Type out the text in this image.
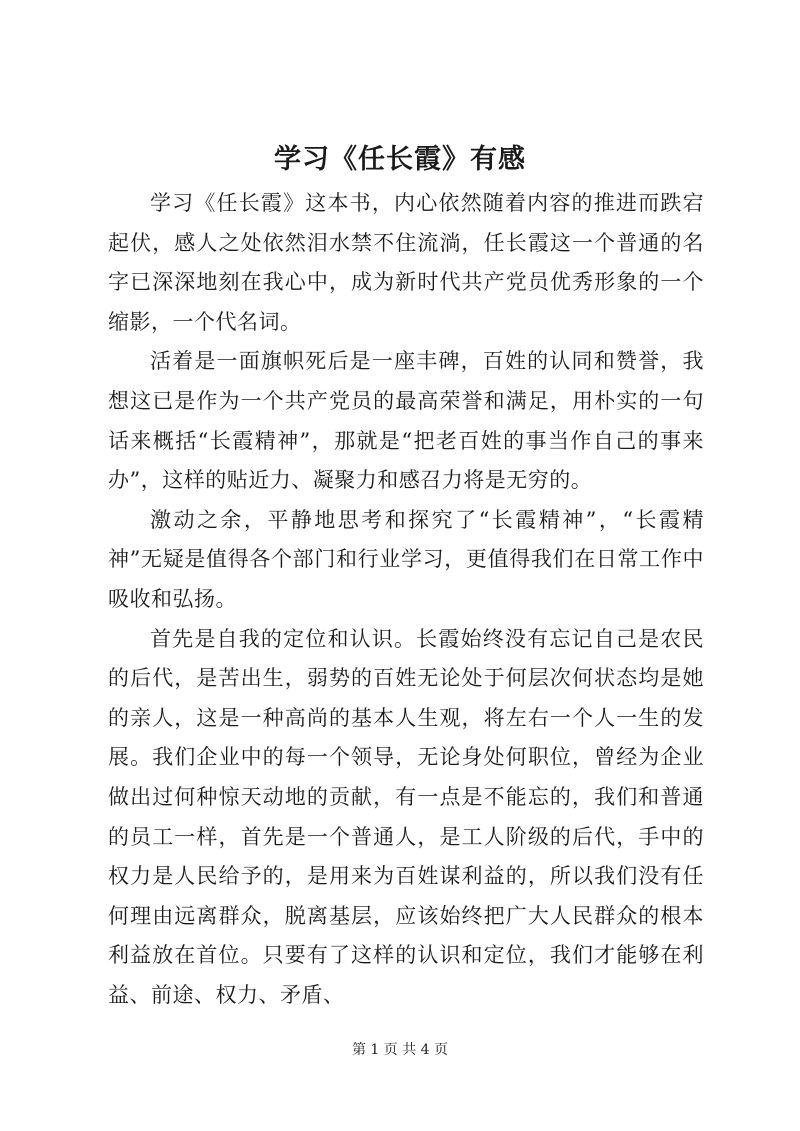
学习《任长霞》有感

学习《任长霞》这本书，内心依然随着内容的推进而跌宕起伏，感人之处依然泪水禁不住流淌，任长霞这一个普通的名字已深深地刻在我心中，成为新时代共产党员优秀形象的一个缩影，一个代名词。

活着是一面旗帜死后是一座丰碑，百姓的认同和赞誉，我想这已是作为一个共产党员的最高荣誉和满足，用朴实的一句话来概括“长霞精神”，那就是“把老百姓的事当作自己的事来办”，这样的贴近力、凝聚力和感召力将是无穷的。

激动之余，平静地思考和探究了“长霞精神”，“长霞精神”无疑是值得各个部门和行业学习，更值得我们在日常工作中吸收和弘扬。

首先是自我的定位和认识。长霞始终没有忘记自己是农民的后代，是苦出生，弱势的百姓无论处于何层次何状态均是她的亲人，这是一种高尚的基本人生观，将左右一个人一生的发展。我们企业中的每一个领导，无论身处何职位，曾经为企业做出过何种惊天动地的贡献，有一点是不能忘的，我们和普通的员工一样，首先是一个普通人，是工人阶级的后代，手中的权力是人民给予的，是用来为百姓谋利益的，所以我们没有任何理由远离群众，脱离基层，应该始终把广大人民群众的根本利益放在首位。只要有了这样的认识和定位，我们才能够在利益、前途、权力、矛盾、

第 1 页 共 4 页
